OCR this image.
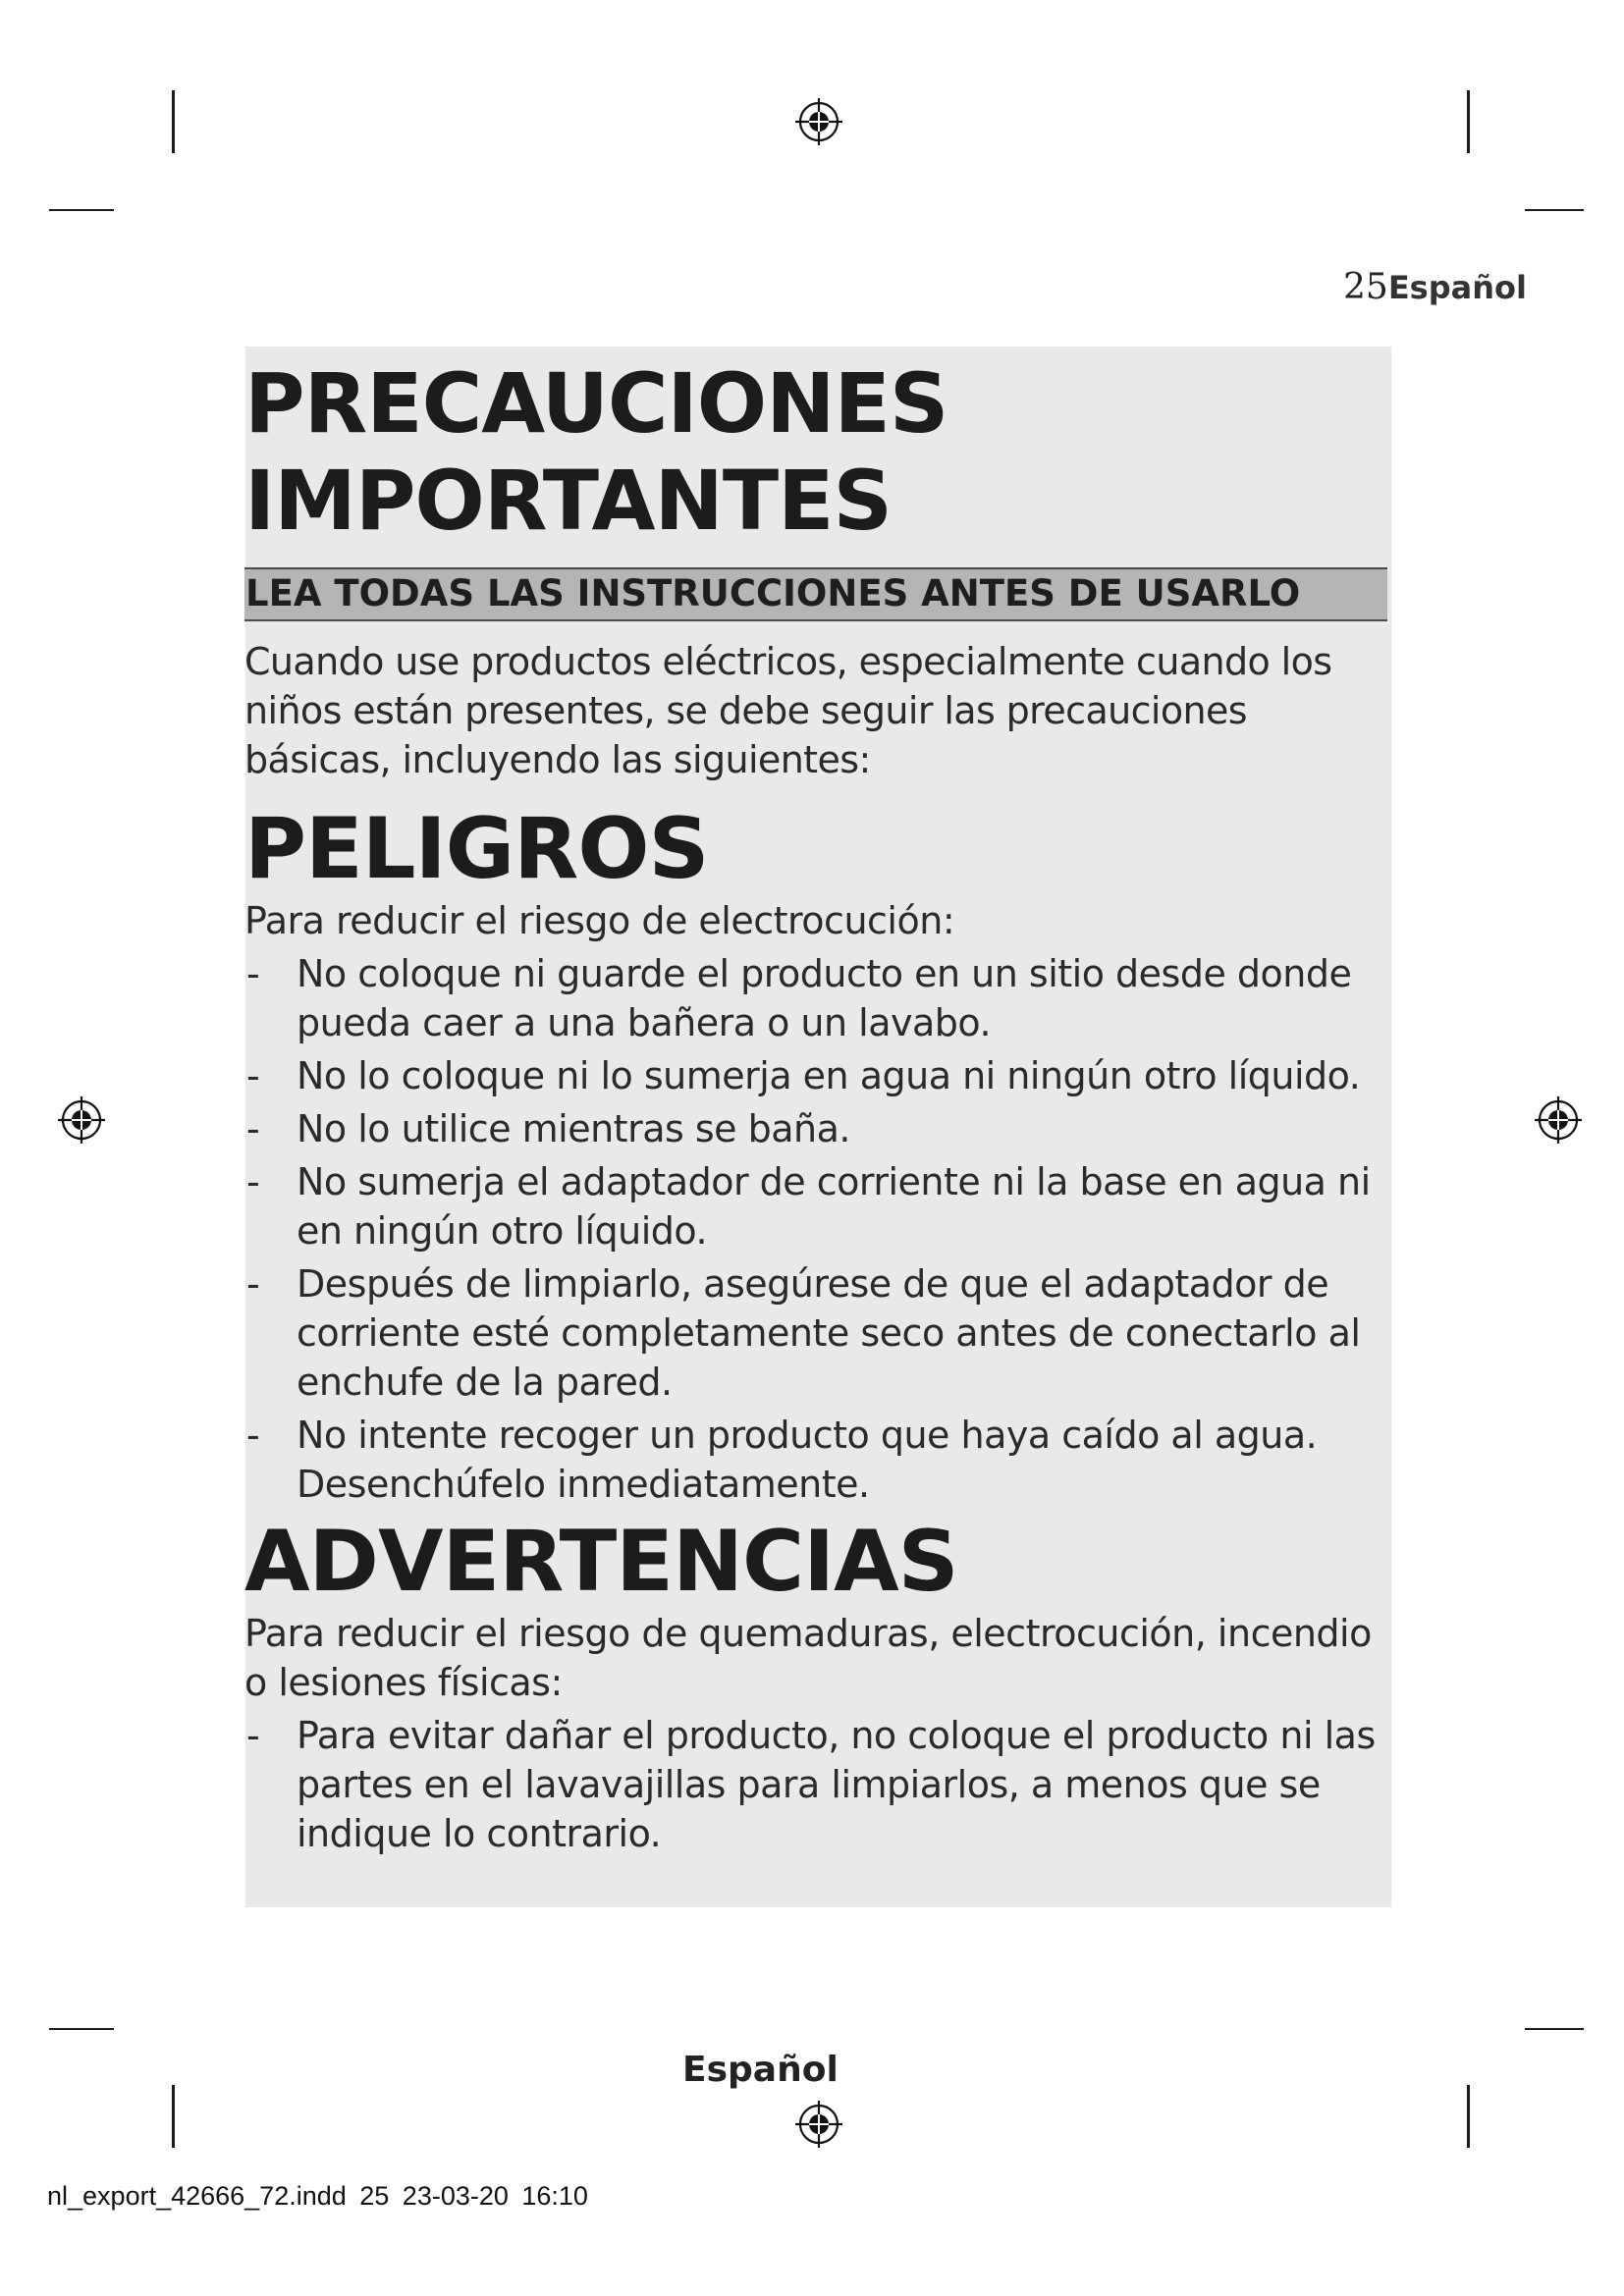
25Español
PRECAUCIONES
IMPORTANTES
LEA TODAS LAS INSTRUCCIONES ANTES DE USARLO

Cuando use productos eléctricos, especialmente cuando los niños están presentes, se debe seguir las precauciones básicas, incluyendo las siguientes:

PELIGROS

Para reducir el riesgo de electrocución:

- No coloque ni guarde el producto en un sitio desde donde pueda caer a una bañera o un lavabo.
- No lo coloque ni lo sumerja en agua ni ningún otro líquido.
- No lo utilice mientras se baña.
- No sumerja el adaptador de corriente ni la base en agua ni en ningún otro líquido.
- Después de limpiarlo, asegúrese de que el adaptador de corriente esté completamente seco antes de conectarlo al enchufe de la pared.
- No intente recoger un producto que haya caído al agua. Desenchúfelo inmediatamente.
ADVERTENCIAS

Para reducir el riesgo de quemaduras, electrocución, incendio o lesiones físicas:

- Para evitar dañar el producto, no coloque el producto ni las partes en el lavavajillas para limpiarlos, a menos que se indique lo contrario.
Español
nl_export_42666_72.indd 25 23-03-20 16:10
